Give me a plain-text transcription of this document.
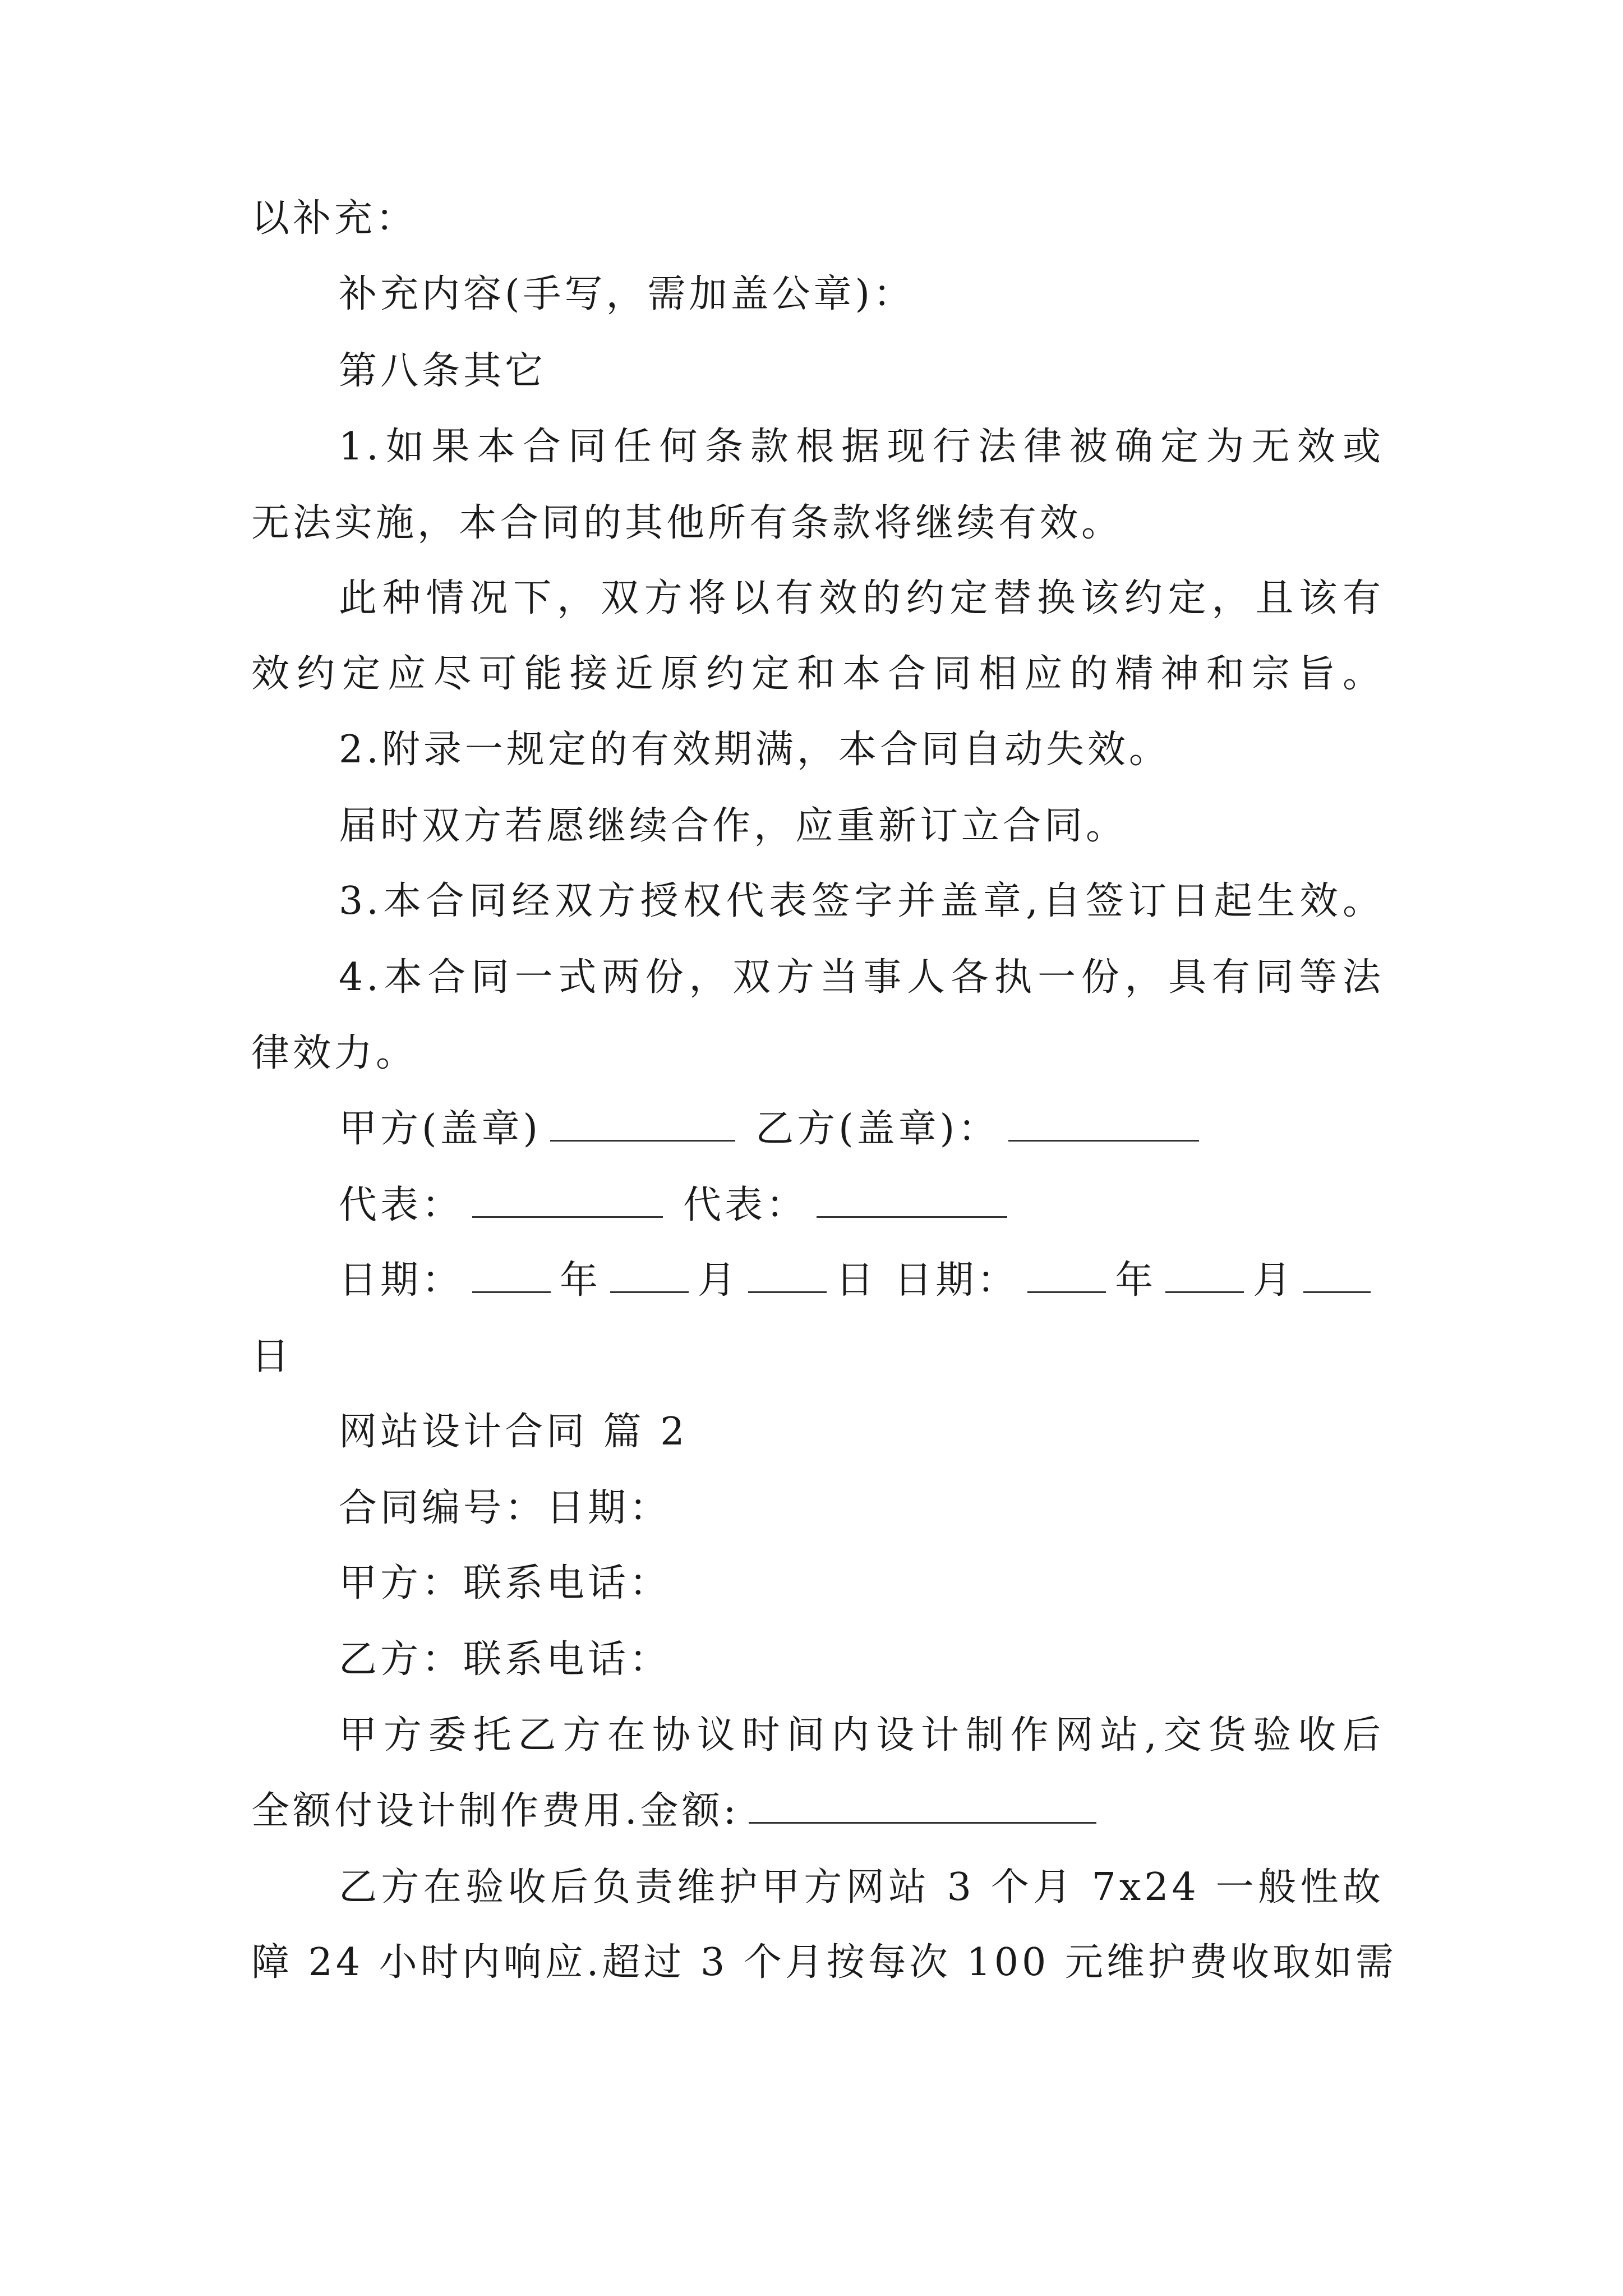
以补充：
补充内容(手写，需加盖公章)：
第八条其它
1.如果本合同任何条款根据现行法律被确定为无效或
无法实施，本合同的其他所有条款将继续有效。
此种情况下，双方将以有效的约定替换该约定，且该有
效约定应尽可能接近原约定和本合同相应的精神和宗旨。
2.附录一规定的有效期满，本合同自动失效。
届时双方若愿继续合作，应重新订立合同。
3.本合同经双方授权代表签字并盖章,自签订日起生效。
4.本合同一式两份，双方当事人各执一份，具有同等法
律效力。
甲方(盖章)	乙方(盖章)：
代表：	代表：
日期：	年	月	日 日期：	年	月
日
网站设计合同 篇 2
合同编号：日期：
甲方：联系电话：
乙方：联系电话：
甲方委托乙方在协议时间内设计制作网站,交货验收后
全额付设计制作费用.金额:
乙方在验收后负责维护甲方网站 3 个月 7x24 一般性故
障 24 小时内响应.超过 3 个月按每次 100 元维护费收取如需
